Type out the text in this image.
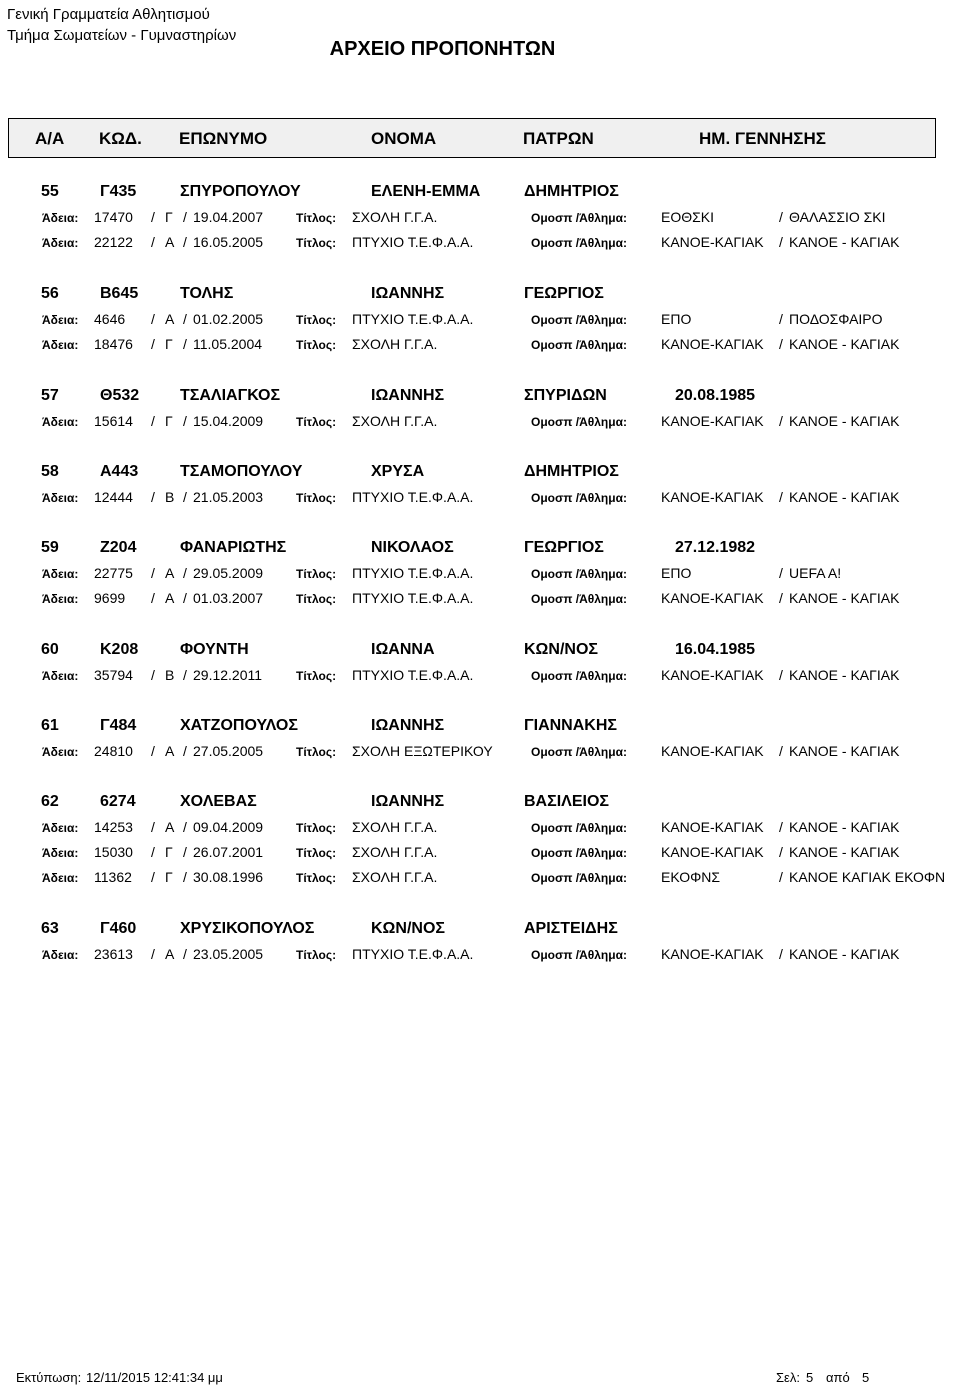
Γενική Γραμματεία Αθλητισμού
Τμήμα Σωματείων - Γυμναστηρίων
ΑΡΧΕΙΟ ΠΡΟΠΟΝΗΤΩΝ
Α/Α ΚΩΔ. ΕΠΩΝΥΜΟ	ΟΝΟΜΑ	ΠΑΤΡΩΝ	ΗΜ. ΓΕΝΝΗΣΗΣ
55	Γ435	ΣΠΥΡΟΠΟΥΛΟΥ	ΕΛΕΝΗ-ΕΜΜΑ	ΔΗΜΗΤΡΙΟΣ
Άδεια: 17470 / Γ / 19.04.2007	Τίτλος: ΣΧΟΛΗ Γ.Γ.Α.	Ομοσπ /Άθλημα: ΕΟΘΣΚΙ	/ ΘΑΛΑΣΣΙΟ ΣΚΙ
Άδεια: 22122 / Α / 16.05.2005	Τίτλος: ΠΤΥΧΙΟ Τ.Ε.Φ.Α.Α.	Ομοσπ /Άθλημα: ΚΑΝΟΕ-ΚΑΓΙΑΚ / ΚΑΝΟΕ - ΚΑΓΙΑΚ
56	Β645	ΤΟΛΗΣ	ΙΩΑΝΝΗΣ	ΓΕΩΡΓΙΟΣ
Άδεια: 4646 / Α / 01.02.2005	Τίτλος: ΠΤΥΧΙΟ Τ.Ε.Φ.Α.Α.	Ομοσπ /Άθλημα: ΕΠΟ	/ ΠΟΔΟΣΦΑΙΡΟ
Άδεια: 18476 / Γ / 11.05.2004	Τίτλος: ΣΧΟΛΗ Γ.Γ.Α.	Ομοσπ /Άθλημα: ΚΑΝΟΕ-ΚΑΓΙΑΚ / ΚΑΝΟΕ - ΚΑΓΙΑΚ
57	Θ532	ΤΣΑΛΙΑΓΚΟΣ	ΙΩΑΝΝΗΣ	ΣΠΥΡΙΔΩΝ	20.08.1985
Άδεια: 15614 / Γ / 15.04.2009	Τίτλος: ΣΧΟΛΗ Γ.Γ.Α.	Ομοσπ /Άθλημα: ΚΑΝΟΕ-ΚΑΓΙΑΚ / ΚΑΝΟΕ - ΚΑΓΙΑΚ
58	Α443	ΤΣΑΜΟΠΟΥΛΟΥ	ΧΡΥΣΑ	ΔΗΜΗΤΡΙΟΣ
Άδεια: 12444 / Β / 21.05.2003	Τίτλος: ΠΤΥΧΙΟ Τ.Ε.Φ.Α.Α.	Ομοσπ /Άθλημα: ΚΑΝΟΕ-ΚΑΓΙΑΚ / ΚΑΝΟΕ - ΚΑΓΙΑΚ
59	Ζ204	ΦΑΝΑΡΙΩΤΗΣ	ΝΙΚΟΛΑΟΣ	ΓΕΩΡΓΙΟΣ	27.12.1982
Άδεια: 22775 / Α / 29.05.2009	Τίτλος: ΠΤΥΧΙΟ Τ.Ε.Φ.Α.Α.	Ομοσπ /Άθλημα: ΕΠΟ	/ UEFA A!
Άδεια: 9699 / Α / 01.03.2007	Τίτλος: ΠΤΥΧΙΟ Τ.Ε.Φ.Α.Α.	Ομοσπ /Άθλημα: ΚΑΝΟΕ-ΚΑΓΙΑΚ / ΚΑΝΟΕ - ΚΑΓΙΑΚ
60	Κ208	ΦΟΥΝΤΗ	ΙΩΑΝΝΑ	ΚΩΝ/ΝΟΣ	16.04.1985
Άδεια: 35794 / Β / 29.12.2011	Τίτλος: ΠΤΥΧΙΟ Τ.Ε.Φ.Α.Α.	Ομοσπ /Άθλημα: ΚΑΝΟΕ-ΚΑΓΙΑΚ / ΚΑΝΟΕ - ΚΑΓΙΑΚ
61	Γ484	ΧΑΤΖΟΠΟΥΛΟΣ	ΙΩΑΝΝΗΣ	ΓΙΑΝΝΑΚΗΣ
Άδεια: 24810 / Α / 27.05.2005	Τίτλος: ΣΧΟΛΗ ΕΞΩΤΕΡΙΚΟΥ	Ομοσπ /Άθλημα: ΚΑΝΟΕ-ΚΑΓΙΑΚ / ΚΑΝΟΕ - ΚΑΓΙΑΚ
62	6274	ΧΟΛΕΒΑΣ	ΙΩΑΝΝΗΣ	ΒΑΣΙΛΕΙΟΣ
Άδεια: 14253 / Α / 09.04.2009	Τίτλος: ΣΧΟΛΗ Γ.Γ.Α.	Ομοσπ /Άθλημα: ΚΑΝΟΕ-ΚΑΓΙΑΚ / ΚΑΝΟΕ - ΚΑΓΙΑΚ
Άδεια: 15030 / Γ / 26.07.2001	Τίτλος: ΣΧΟΛΗ Γ.Γ.Α.	Ομοσπ /Άθλημα: ΚΑΝΟΕ-ΚΑΓΙΑΚ / ΚΑΝΟΕ - ΚΑΓΙΑΚ
Άδεια: 11362 / Γ / 30.08.1996	Τίτλος: ΣΧΟΛΗ Γ.Γ.Α.	Ομοσπ /Άθλημα: ΕΚΟΦΝΣ	/ ΚΑΝΟΕ ΚΑΓΙΑΚ ΕΚΟΦΝ
63	Γ460	ΧΡΥΣΙΚΟΠΟΥΛΟΣ	ΚΩΝ/ΝΟΣ	ΑΡΙΣΤΕΙΔΗΣ
Άδεια: 23613 / Α / 23.05.2005	Τίτλος: ΠΤΥΧΙΟ Τ.Ε.Φ.Α.Α.	Ομοσπ /Άθλημα: ΚΑΝΟΕ-ΚΑΓΙΑΚ / ΚΑΝΟΕ - ΚΑΓΙΑΚ
Εκτύπωση: 12/11/2015 12:41:34 μμ	Σελ: 5 από 5
